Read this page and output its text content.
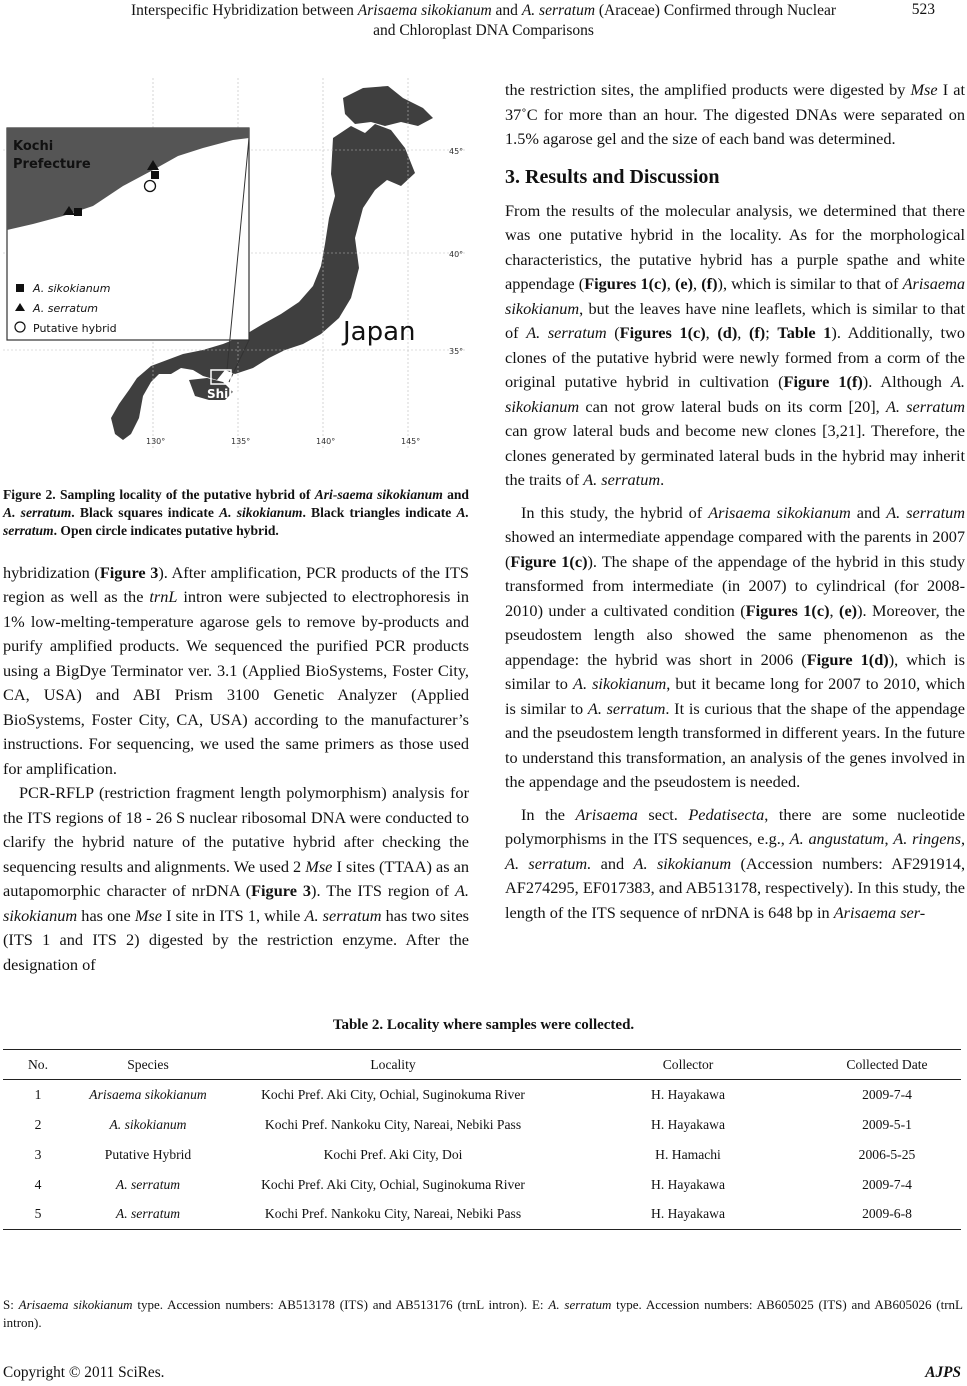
Interspecific Hybridization between Arisaema sikokianum and A. serratum (Araceae) Confirmed through Nuclear
and Chloroplast DNA Comparisons
523
Kochi
Prefecture
A. sikokianum
A. serratum
Putative hybrid	Japan
Shikoku
45°
40°
35°
130°	135°	140°	145°
Figure 2. Sampling locality of the putative hybrid of Ari-saema sikokianum and A. serratum. Black squares indicate A. sikokianum. Black triangles indicate A. serratum. Open circle indicates putative hybrid.

hybridization (Figure 3). After amplification, PCR products of the ITS region as well as the trnL intron were subjected to electrophoresis in 1% low-melting-temperature agarose gels to remove by-products and purify amplified products. We sequenced the purified PCR products using a BigDye Terminator ver. 3.1 (Applied BioSystems, Foster City, CA, USA) and ABI Prism 3100 Genetic Analyzer (Applied BioSystems, Foster City, CA, USA) according to the manufacturer’s instructions. For sequencing, we used the same primers as those used for amplification.

PCR-RFLP (restriction fragment length polymorphism) analysis for the ITS regions of 18 - 26 S nuclear ribosomal DNA were conducted to clarify the hybrid nature of the putative hybrid after checking the sequencing results and alignments. We used 2 Mse I sites (TTAA) as an autapomorphic character of nrDNA (Figure 3). The ITS region of A. sikokianum has one Mse I site in ITS 1, while A. serratum has two sites (ITS 1 and ITS 2) digested by the restriction enzyme. After the designation of

the restriction sites, the amplified products were digested by Mse I at 37˚C for more than an hour. The digested DNAs were separated on 1.5% agarose gel and the size of each band was determined.

3. Results and Discussion

From the results of the molecular analysis, we determined that there was one putative hybrid in the locality. As for the morphological characteristics, the putative hybrid has a purple spathe and white appendage (Figures 1(c), (e), (f)), which is similar to that of Arisaema sikokianum, but the leaves have nine leaflets, which is similar to that of A. serratum (Figures 1(c), (d), (f); Table 1). Additionally, two clones of the putative hybrid were newly formed from a corm of the original putative hybrid in cultivation (Figure 1(f)). Although A. sikokianum can not grow lateral buds on its corm [20], A. serratum can grow lateral buds and become new clones [3,21]. Therefore, the clones generated by germinated lateral buds in the hybrid may inherit the traits of A. serratum.

In this study, the hybrid of Arisaema sikokianum and A. serratum showed an intermediate appendage compared with the parents in 2007 (Figure 1(c)). The shape of the appendage of the hybrid in this study transformed from intermediate (in 2007) to cylindrical (for 2008-2010) under a cultivated condition (Figures 1(c), (e)). Moreover, the pseudostem length also showed the same phenomenon as the appendage: the hybrid was short in 2006 (Figure 1(d)), which is similar to A. sikokianum, but it became long for 2007 to 2010, which is similar to A. serratum. It is curious that the shape of the appendage and the pseudostem length transformed in different years. In the future to understand this transformation, an analysis of the genes involved in the appendage and the pseudostem is needed.

In the Arisaema sect. Pedatisecta, there are some nucleotide polymorphisms in the ITS sequences, e.g., A. angustatum, A. ringens, A. serratum. and A. sikokianum (Accession numbers: AF291914, AF274295, EF017383, and AB513178, respectively). In this study, the length of the ITS sequence of nrDNA is 648 bp in Arisaema ser-

Table 2. Locality where samples were collected.
No.	Species	Locality	Collector	Collected Date
1	Arisaema sikokianum	Kochi Pref. Aki City, Ochial, Suginokuma River	H. Hayakawa	2009-7-4
2	A. sikokianum	Kochi Pref. Nankoku City, Nareai, Nebiki Pass	H. Hayakawa	2009-5-1
3	Putative Hybrid	Kochi Pref. Aki City, Doi	H. Hamachi	2006-5-25
4	A. serratum	Kochi Pref. Aki City, Ochial, Suginokuma River	H. Hayakawa	2009-7-4
5	A. serratum	Kochi Pref. Nankoku City, Nareai, Nebiki Pass	H. Hayakawa	2009-6-8
S: Arisaema sikokianum type. Accession numbers: AB513178 (ITS) and AB513176 (trnL intron). E: A. serratum type. Accession numbers: AB605025 (ITS) and AB605026 (trnL intron).
Copyright © 2011 SciRes.	AJPS
